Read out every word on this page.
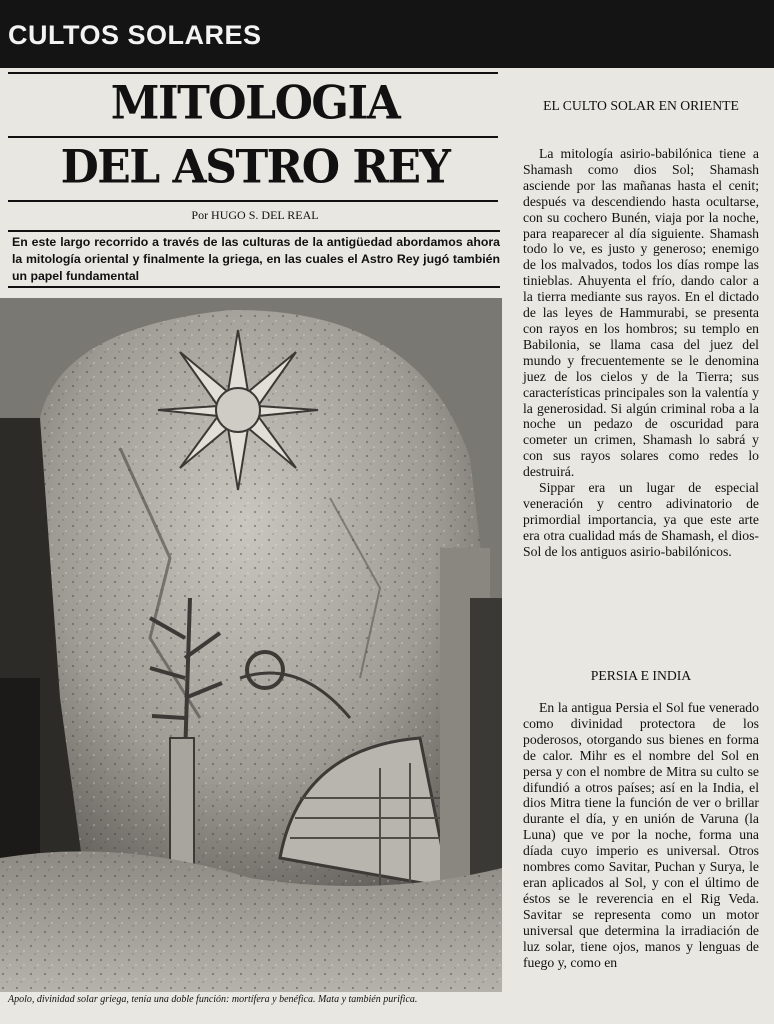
CULTOS SOLARES
MITOLOGIA
DEL ASTRO REY
Por HUGO S. DEL REAL
En este largo recorrido a través de las culturas de la antigüedad abordamos ahora la mitología oriental y finalmente la griega, en las cuales el Astro Rey jugó también un papel fundamental
Apolo, divinidad solar griega, tenía una doble función: mortífera y benéfica. Mata y también purifica.
EL CULTO SOLAR EN ORIENTE

La mitología asirio-babilónica tiene a Shamash como dios Sol; Shamash asciende por las mañanas hasta el cenit; después va descendiendo hasta ocultarse, con su cochero Bunén, viaja por la noche, para reaparecer al día siguiente. Shamash todo lo ve, es justo y generoso; enemigo de los malvados, todos los días rompe las tinieblas. Ahuyenta el frío, dando calor a la tierra mediante sus rayos. En el dictado de las leyes de Hammurabi, se presenta con rayos en los hombros; su templo en Babilonia, se llama casa del juez del mundo y frecuentemente se le denomina juez de los cielos y de la Tierra; sus características principales son la valentía y la generosidad. Si algún criminal roba a la noche un pedazo de oscuridad para cometer un crimen, Shamash lo sabrá y con sus rayos solares como redes lo destruirá.

Sippar era un lugar de especial veneración y centro adivinatorio de primordial importancia, ya que este arte era otra cualidad más de Shamash, el dios-Sol de los antiguos asirio-babilónicos.

PERSIA E INDIA

En la antigua Persia el Sol fue venerado como divinidad protectora de los poderosos, otorgando sus bienes en forma de calor. Mihr es el nombre del Sol en persa y con el nombre de Mitra su culto se difundió a otros países; así en la India, el dios Mitra tiene la función de ver o brillar durante el día, y en unión de Varuna (la Luna) que ve por la noche, forma una díada cuyo imperio es universal. Otros nombres como Savitar, Puchan y Surya, le eran aplicados al Sol, y con el último de éstos se le reverencia en el Rig Veda. Savitar se representa como un motor universal que determina la irradiación de luz solar, tiene ojos, manos y lenguas de fuego y, como en
